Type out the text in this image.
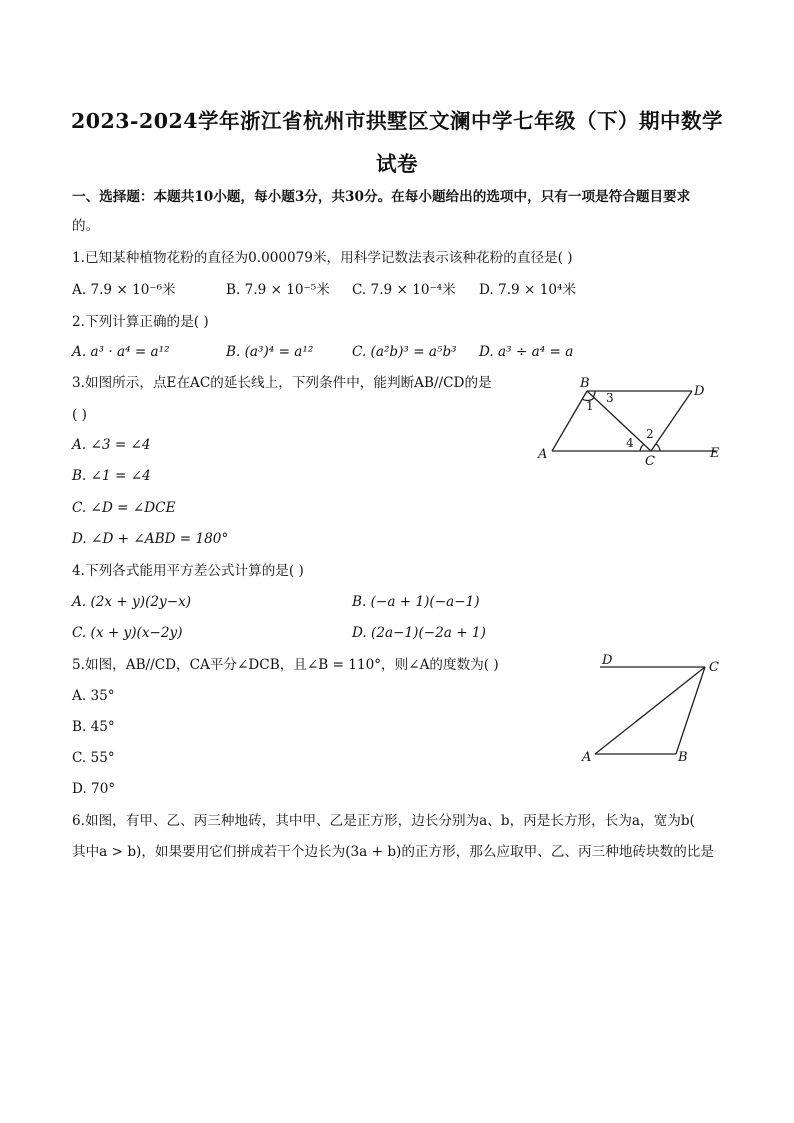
2023-2024学年浙江省杭州市拱墅区文澜中学七年级（下）期中数学
试卷
一、选择题：本题共10小题，每小题3分，共30分。在每小题给出的选项中，只有一项是符合题目要求
的。
1.已知某种植物花粉的直径为0.000079米，用科学记数法表示该种花粉的直径是( )
A. 7.9 × 10⁻⁶米	B. 7.9 × 10⁻⁵米 C. 7.9 × 10⁻⁴米 D. 7.9 × 10⁴米
2.下列计算正确的是( )
A. a³ · a⁴ = a¹²	B. (a³)⁴ = a¹²	C. (a²b)³ = a⁵b³ D. a³ ÷ a⁴ = a
3.如图所示，点E在AC的延长线上，下列条件中，能判断AB//CD的是
( )
A. ∠3 = ∠4
B. ∠1 = ∠4
C. ∠D = ∠DCE
D. ∠D + ∠ABD = 180°
B
D
A	C
E
1
3
4
2
4.下列各式能用平方差公式计算的是( )
A. (2x + y)(2y−x)	B. (−a + 1)(−a−1)
C. (x + y)(x−2y)	D. (2a−1)(−2a + 1)
5.如图，AB//CD，CA平分∠DCB，且∠B = 110°，则∠A的度数为( )
A. 35°
B. 45°
C. 55°
D. 70°
D	C
A	B
6.如图，有甲、乙、丙三种地砖，其中甲、乙是正方形，边长分别为a、b，丙是长方形，长为a，宽为b(
其中a > b)，如果要用它们拼成若干个边长为(3a + b)的正方形，那么应取甲、乙、丙三种地砖块数的比是
